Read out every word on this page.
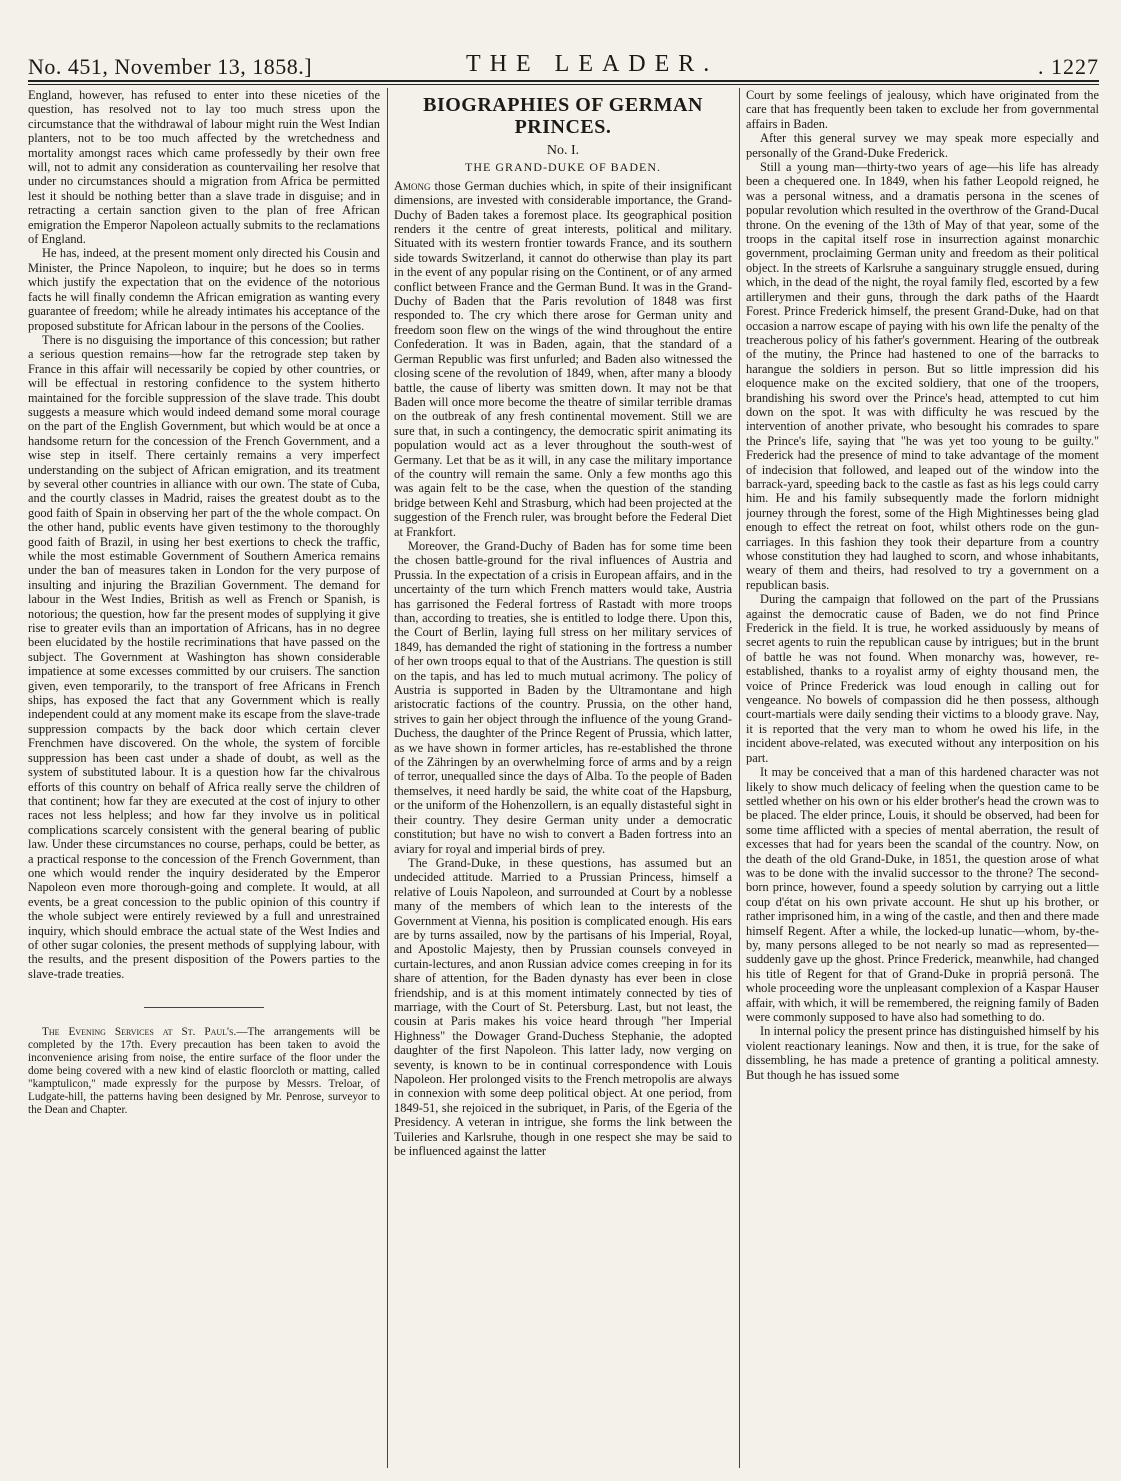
No. 451, November 13, 1858.]	THE LEADER.	. 1227

England, however, has refused to enter into these niceties of the question, has resolved not to lay too much stress upon the circumstance that the withdrawal of labour might ruin the West Indian planters, not to be too much affected by the wretchedness and mortality amongst races which came professedly by their own free will, not to admit any consideration as countervailing her resolve that under no circumstances should a migration from Africa be permitted lest it should be nothing better than a slave trade in disguise; and in retracting a certain sanction given to the plan of free African emigration the Emperor Napoleon actually submits to the reclamations of England.

He has, indeed, at the present moment only directed his Cousin and Minister, the Prince Napoleon, to inquire; but he does so in terms which justify the expectation that on the evidence of the notorious facts he will finally condemn the African emigration as wanting every guarantee of freedom; while he already intimates his acceptance of the proposed substitute for African labour in the persons of the Coolies.

There is no disguising the importance of this concession; but rather a serious question remains—how far the retrograde step taken by France in this affair will necessarily be copied by other countries, or will be effectual in restoring confidence to the system hitherto maintained for the forcible suppression of the slave trade. This doubt suggests a measure which would indeed demand some moral courage on the part of the English Government, but which would be at once a handsome return for the concession of the French Government, and a wise step in itself. There certainly remains a very imperfect understanding on the subject of African emigration, and its treatment by several other countries in alliance with our own. The state of Cuba, and the courtly classes in Madrid, raises the greatest doubt as to the good faith of Spain in observing her part of the the whole compact. On the other hand, public events have given testimony to the thoroughly good faith of Brazil, in using her best exertions to check the traffic, while the most estimable Government of Southern America remains under the ban of measures taken in London for the very purpose of insulting and injuring the Brazilian Government. The demand for labour in the West Indies, British as well as French or Spanish, is notorious; the question, how far the present modes of supplying it give rise to greater evils than an importation of Africans, has in no degree been elucidated by the hostile recriminations that have passed on the subject. The Government at Washington has shown considerable impatience at some excesses committed by our cruisers. The sanction given, even temporarily, to the transport of free Africans in French ships, has exposed the fact that any Government which is really independent could at any moment make its escape from the slave-trade suppression compacts by the back door which certain clever Frenchmen have discovered. On the whole, the system of forcible suppression has been cast under a shade of doubt, as well as the system of substituted labour. It is a question how far the chivalrous efforts of this country on behalf of Africa really serve the children of that continent; how far they are executed at the cost of injury to other races not less helpless; and how far they involve us in political complications scarcely consistent with the general bearing of public law. Under these circumstances no course, perhaps, could be better, as a practical response to the concession of the French Government, than one which would render the inquiry desiderated by the Emperor Napoleon even more thorough-going and complete. It would, at all events, be a great concession to the public opinion of this country if the whole subject were entirely reviewed by a full and unrestrained inquiry, which should embrace the actual state of the West Indies and of other sugar colonies, the present methods of supplying labour, with the results, and the present disposition of the Powers parties to the slave-trade treaties.

The Evening Services at St. Paul's.—The arrangements will be completed by the 17th. Every precaution has been taken to avoid the inconvenience arising from noise, the entire surface of the floor under the dome being covered with a new kind of elastic floorcloth or matting, called "kamptulicon," made expressly for the purpose by Messrs. Treloar, of Ludgate-hill, the patterns having been designed by Mr. Penrose, surveyor to the Dean and Chapter.

BIOGRAPHIES OF GERMAN PRINCES.
No. I.
THE GRAND-DUKE OF BADEN.

Among those German duchies which, in spite of their insignificant dimensions, are invested with considerable importance, the Grand-Duchy of Baden takes a foremost place. Its geographical position renders it the centre of great interests, political and military. Situated with its western frontier towards France, and its southern side towards Switzerland, it cannot do otherwise than play its part in the event of any popular rising on the Continent, or of any armed conflict between France and the German Bund. It was in the Grand-Duchy of Baden that the Paris revolution of 1848 was first responded to. The cry which there arose for German unity and freedom soon flew on the wings of the wind throughout the entire Confederation. It was in Baden, again, that the standard of a German Republic was first unfurled; and Baden also witnessed the closing scene of the revolution of 1849, when, after many a bloody battle, the cause of liberty was smitten down. It may not be that Baden will once more become the theatre of similar terrible dramas on the outbreak of any fresh continental movement. Still we are sure that, in such a contingency, the democratic spirit animating its population would act as a lever throughout the south-west of Germany. Let that be as it will, in any case the military importance of the country will remain the same. Only a few months ago this was again felt to be the case, when the question of the standing bridge between Kehl and Strasburg, which had been projected at the suggestion of the French ruler, was brought before the Federal Diet at Frankfort.

Moreover, the Grand-Duchy of Baden has for some time been the chosen battle-ground for the rival influences of Austria and Prussia. In the expectation of a crisis in European affairs, and in the uncertainty of the turn which French matters would take, Austria has garrisoned the Federal fortress of Rastadt with more troops than, according to treaties, she is entitled to lodge there. Upon this, the Court of Berlin, laying full stress on her military services of 1849, has demanded the right of stationing in the fortress a number of her own troops equal to that of the Austrians. The question is still on the tapis, and has led to much mutual acrimony. The policy of Austria is supported in Baden by the Ultramontane and high aristocratic factions of the country. Prussia, on the other hand, strives to gain her object through the influence of the young Grand-Duchess, the daughter of the Prince Regent of Prussia, which latter, as we have shown in former articles, has re-established the throne of the Zähringen by an overwhelming force of arms and by a reign of terror, unequalled since the days of Alba. To the people of Baden themselves, it need hardly be said, the white coat of the Hapsburg, or the uniform of the Hohenzollern, is an equally distasteful sight in their country. They desire German unity under a democratic constitution; but have no wish to convert a Baden fortress into an aviary for royal and imperial birds of prey.

The Grand-Duke, in these questions, has assumed but an undecided attitude. Married to a Prussian Princess, himself a relative of Louis Napoleon, and surrounded at Court by a noblesse many of the members of which lean to the interests of the Government at Vienna, his position is complicated enough. His ears are by turns assailed, now by the partisans of his Imperial, Royal, and Apostolic Majesty, then by Prussian counsels conveyed in curtain-lectures, and anon Russian advice comes creeping in for its share of attention, for the Baden dynasty has ever been in close friendship, and is at this moment intimately connected by ties of marriage, with the Court of St. Petersburg. Last, but not least, the cousin at Paris makes his voice heard through "her Imperial Highness" the Dowager Grand-Duchess Stephanie, the adopted daughter of the first Napoleon. This latter lady, now verging on seventy, is known to be in continual correspondence with Louis Napoleon. Her prolonged visits to the French metropolis are always in connexion with some deep political object. At one period, from 1849-51, she rejoiced in the subriquet, in Paris, of the Egeria of the Presidency. A veteran in intrigue, she forms the link between the Tuileries and Karlsruhe, though in one respect she may be said to be influenced against the latter

Court by some feelings of jealousy, which have originated from the care that has frequently been taken to exclude her from governmental affairs in Baden.

After this general survey we may speak more especially and personally of the Grand-Duke Frederick.

Still a young man—thirty-two years of age—his life has already been a chequered one. In 1849, when his father Leopold reigned, he was a personal witness, and a dramatis persona in the scenes of popular revolution which resulted in the overthrow of the Grand-Ducal throne. On the evening of the 13th of May of that year, some of the troops in the capital itself rose in insurrection against monarchic government, proclaiming German unity and freedom as their political object. In the streets of Karlsruhe a sanguinary struggle ensued, during which, in the dead of the night, the royal family fled, escorted by a few artillerymen and their guns, through the dark paths of the Haardt Forest. Prince Frederick himself, the present Grand-Duke, had on that occasion a narrow escape of paying with his own life the penalty of the treacherous policy of his father's government. Hearing of the outbreak of the mutiny, the Prince had hastened to one of the barracks to harangue the soldiers in person. But so little impression did his eloquence make on the excited soldiery, that one of the troopers, brandishing his sword over the Prince's head, attempted to cut him down on the spot. It was with difficulty he was rescued by the intervention of another private, who besought his comrades to spare the Prince's life, saying that "he was yet too young to be guilty." Frederick had the presence of mind to take advantage of the moment of indecision that followed, and leaped out of the window into the barrack-yard, speeding back to the castle as fast as his legs could carry him. He and his family subsequently made the forlorn midnight journey through the forest, some of the High Mightinesses being glad enough to effect the retreat on foot, whilst others rode on the gun-carriages. In this fashion they took their departure from a country whose constitution they had laughed to scorn, and whose inhabitants, weary of them and theirs, had resolved to try a government on a republican basis.

During the campaign that followed on the part of the Prussians against the democratic cause of Baden, we do not find Prince Frederick in the field. It is true, he worked assiduously by means of secret agents to ruin the republican cause by intrigues; but in the brunt of battle he was not found. When monarchy was, however, re-established, thanks to a royalist army of eighty thousand men, the voice of Prince Frederick was loud enough in calling out for vengeance. No bowels of compassion did he then possess, although court-martials were daily sending their victims to a bloody grave. Nay, it is reported that the very man to whom he owed his life, in the incident above-related, was executed without any interposition on his part.

It may be conceived that a man of this hardened character was not likely to show much delicacy of feeling when the question came to be settled whether on his own or his elder brother's head the crown was to be placed. The elder prince, Louis, it should be observed, had been for some time afflicted with a species of mental aberration, the result of excesses that had for years been the scandal of the country. Now, on the death of the old Grand-Duke, in 1851, the question arose of what was to be done with the invalid successor to the throne? The second-born prince, however, found a speedy solution by carrying out a little coup d'état on his own private account. He shut up his brother, or rather imprisoned him, in a wing of the castle, and then and there made himself Regent. After a while, the locked-up lunatic—whom, by-the-by, many persons alleged to be not nearly so mad as represented—suddenly gave up the ghost. Prince Frederick, meanwhile, had changed his title of Regent for that of Grand-Duke in propriâ personâ. The whole proceeding wore the unpleasant complexion of a Kaspar Hauser affair, with which, it will be remembered, the reigning family of Baden were commonly supposed to have also had something to do.

In internal policy the present prince has distinguished himself by his violent reactionary leanings. Now and then, it is true, for the sake of dissembling, he has made a pretence of granting a political amnesty. But though he has issued some
